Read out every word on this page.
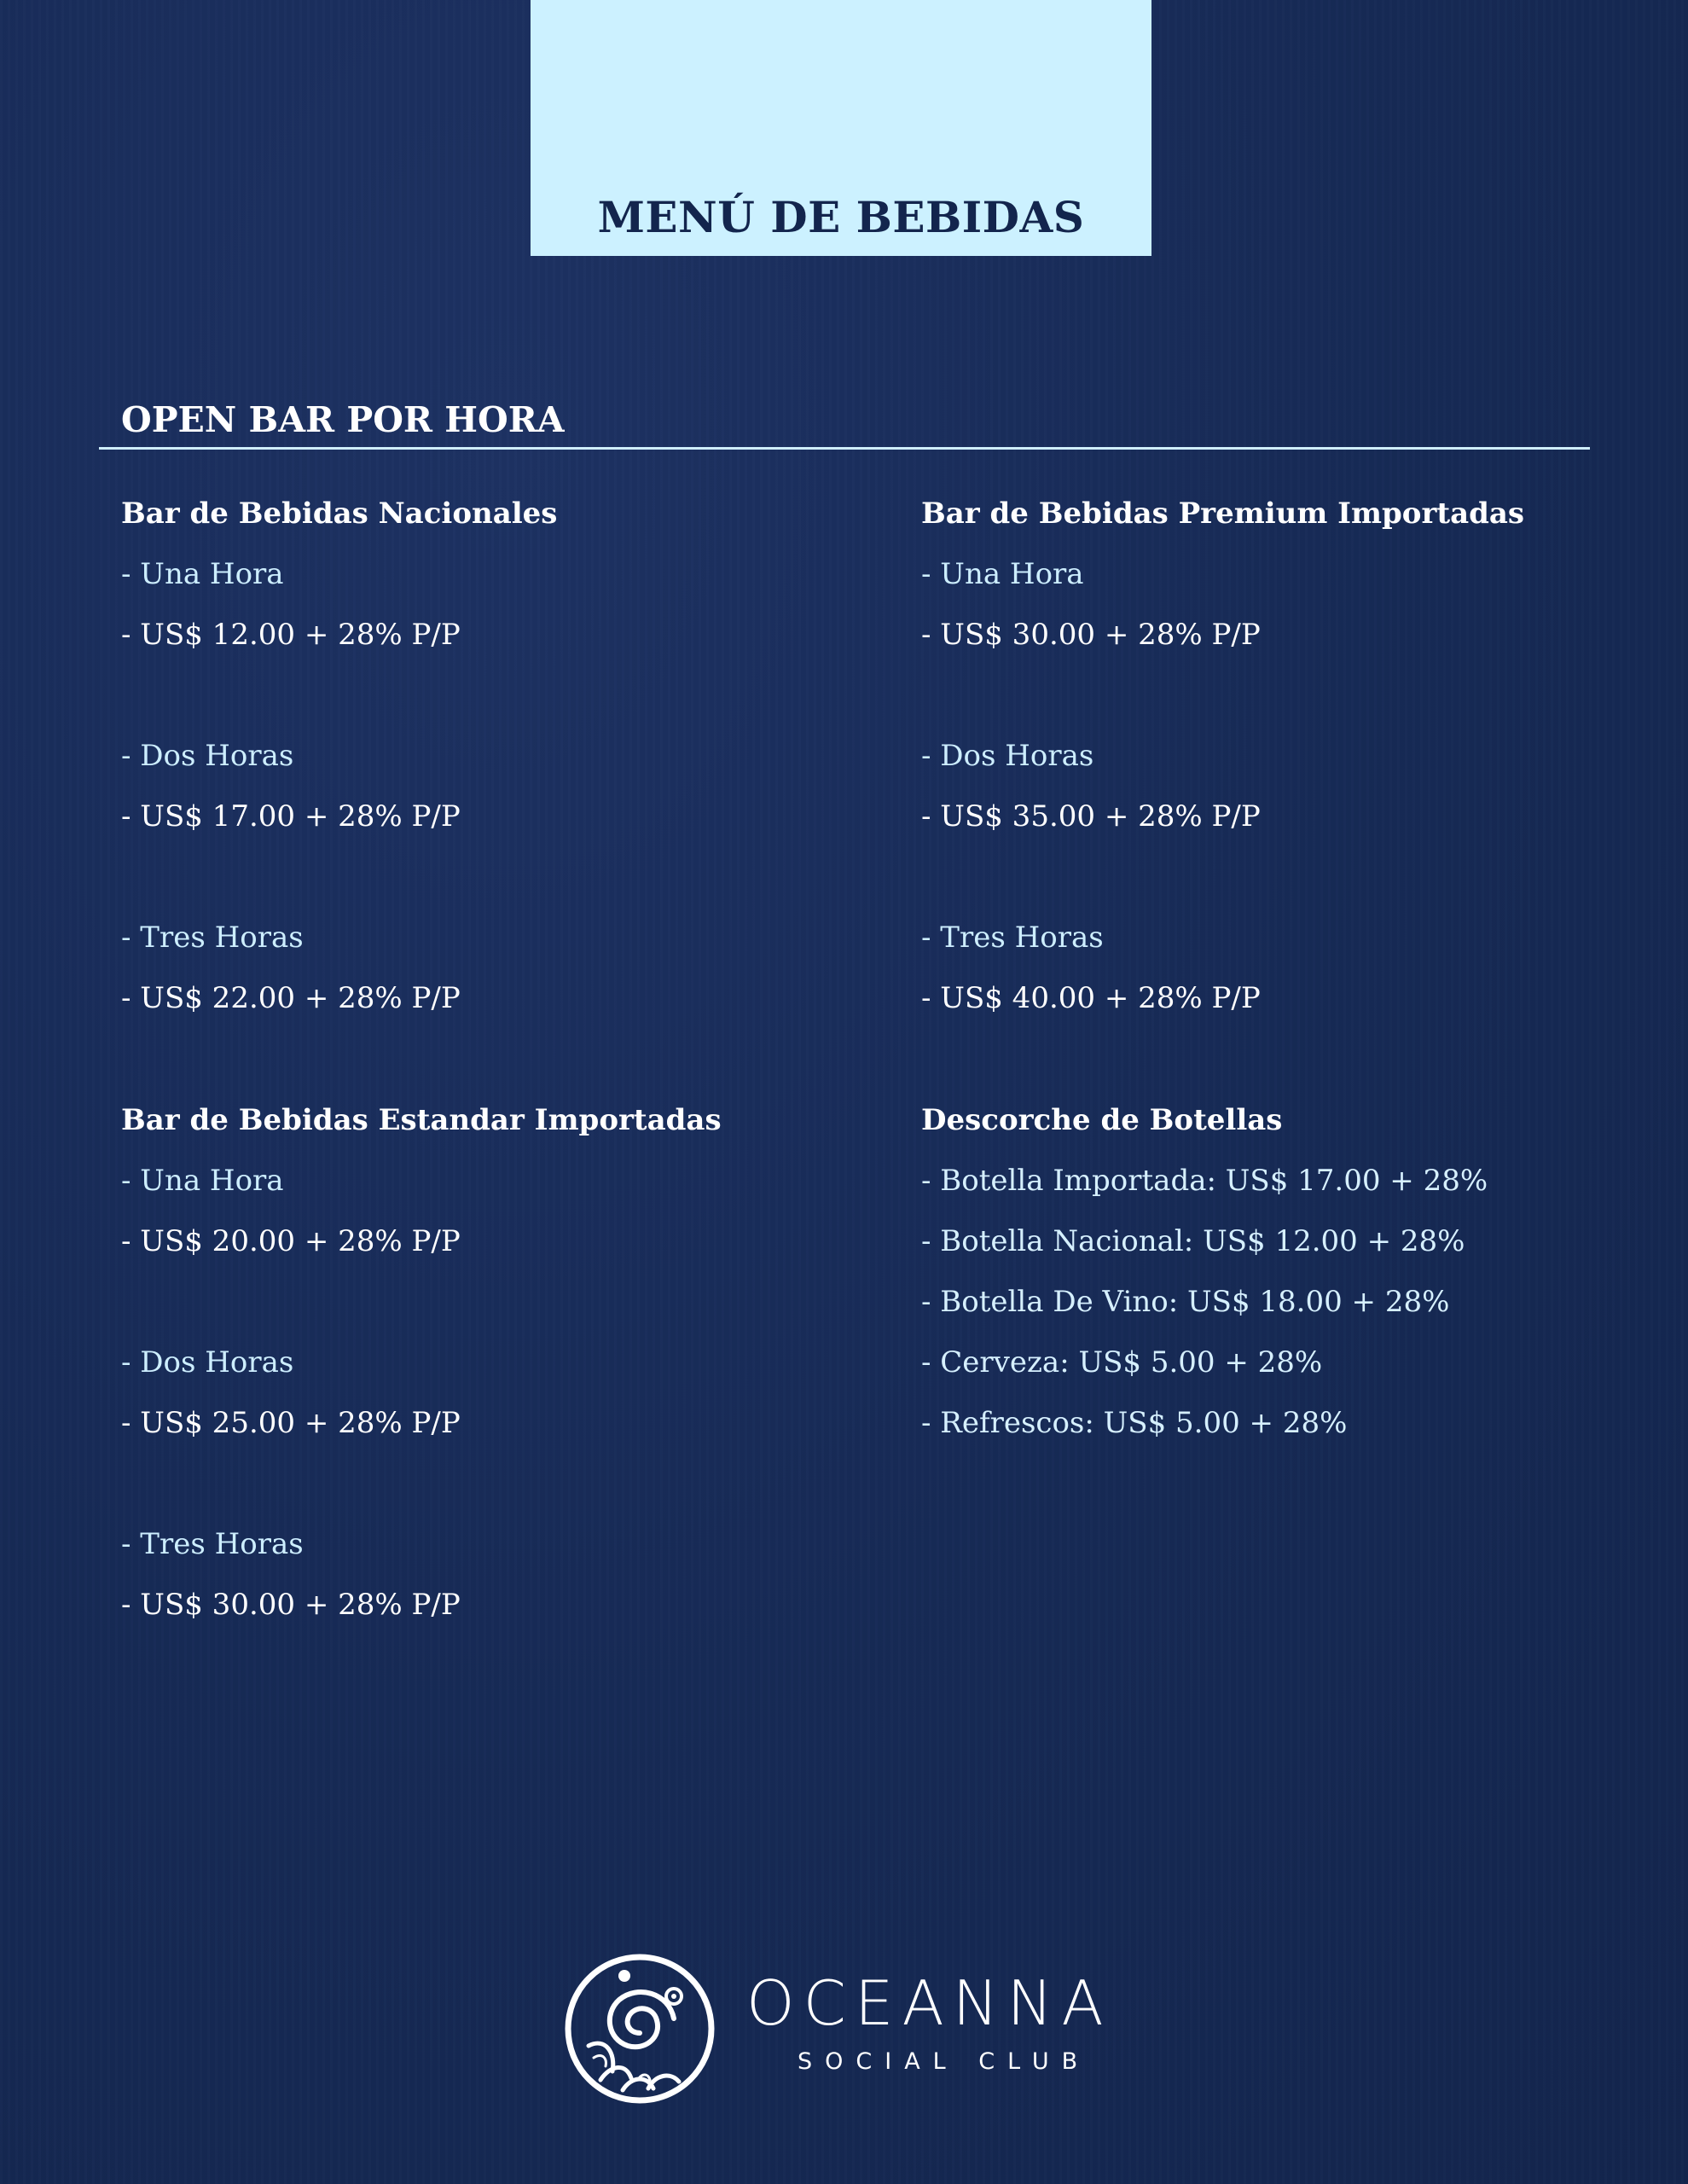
MENÚ DE BEBIDAS
OPEN BAR POR HORA
Bar de Bebidas Nacionales
- Una Hora
- US$ 12.00 + 28% P/P
- Dos Horas
- US$ 17.00 + 28% P/P
- Tres Horas
- US$ 22.00 + 28% P/P
Bar de Bebidas Premium Importadas
- Una Hora
- US$ 30.00 + 28% P/P
- Dos Horas
- US$ 35.00 + 28% P/P
- Tres Horas
- US$ 40.00 + 28% P/P
Bar de Bebidas Estandar Importadas
- Una Hora
- US$ 20.00 + 28% P/P
- Dos Horas
- US$ 25.00 + 28% P/P
- Tres Horas
- US$ 30.00 + 28% P/P
Descorche de Botellas
- Botella Importada: US$ 17.00 + 28%
- Botella Nacional: US$ 12.00 + 28%
- Botella De Vino: US$ 18.00 + 28%
- Cerveza: US$ 5.00 + 28%
- Refrescos: US$ 5.00 + 28%
OCEANNA
SOCIAL CLUB
